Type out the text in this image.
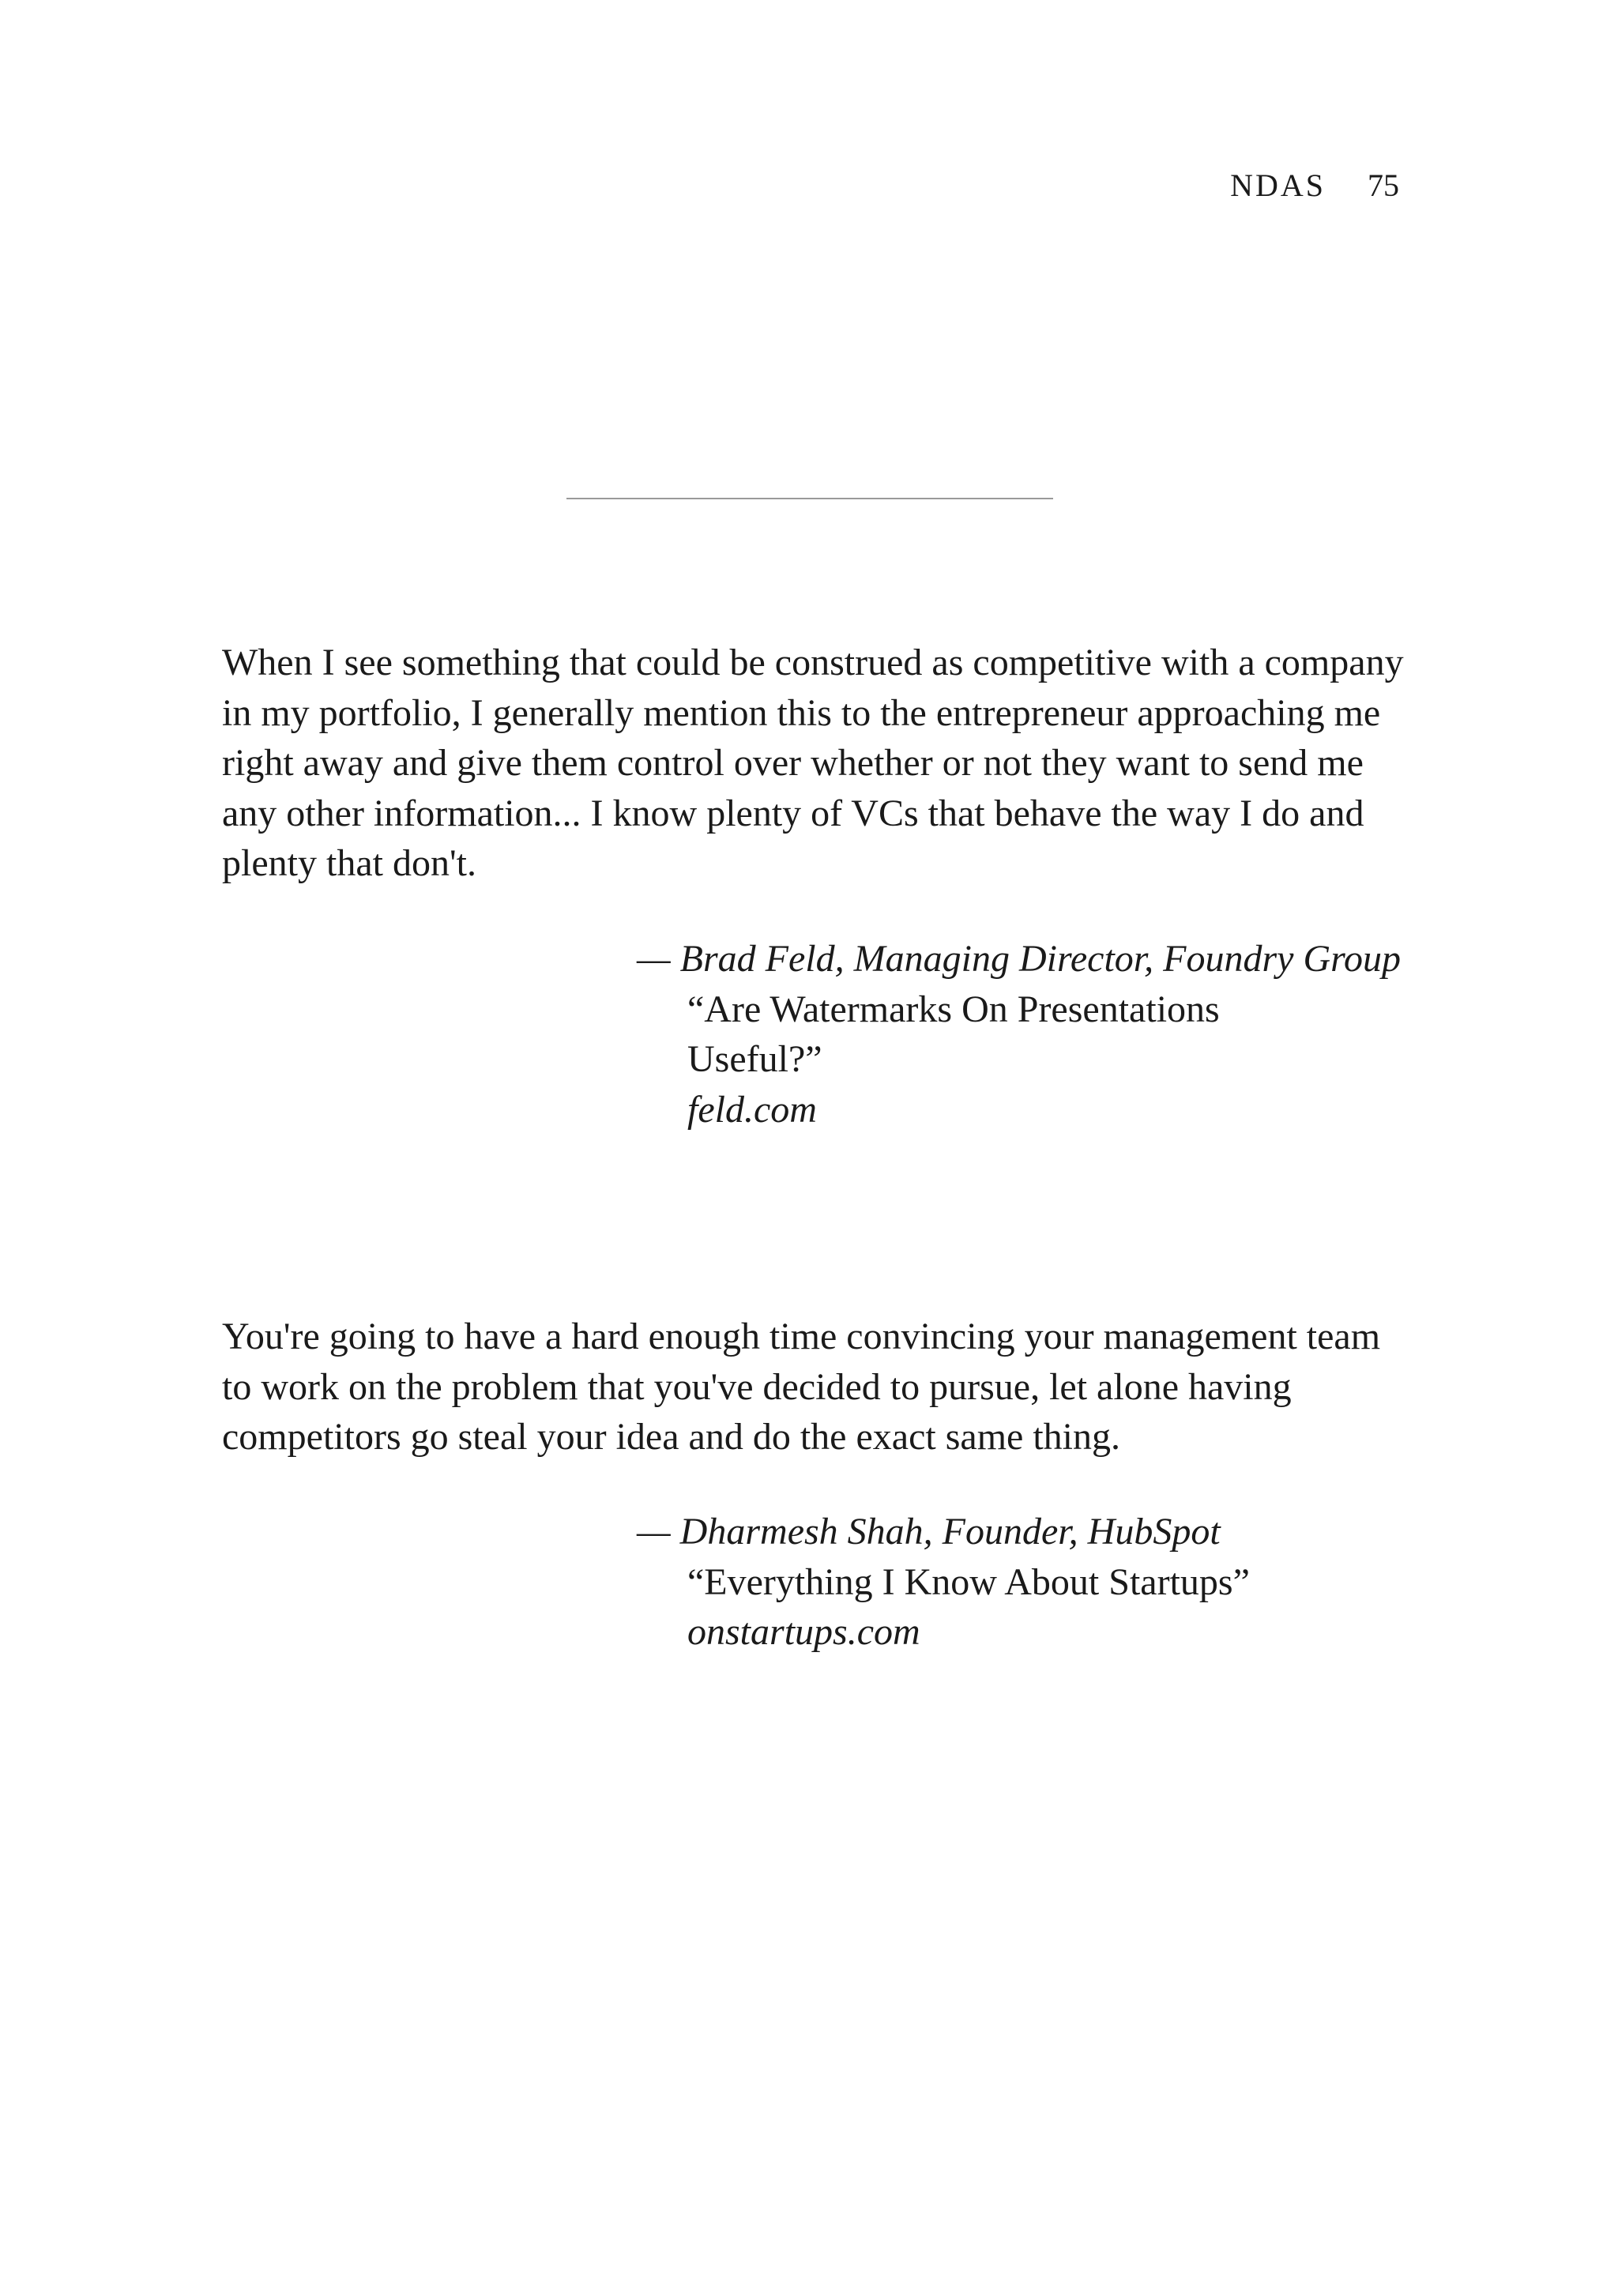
NDAS 75

When I see something that could be construed as competitive with a company in my portfolio, I generally mention this to the entrepreneur approaching me right away and give them control over whether or not they want to send me any other information... I know plenty of VCs that behave the way I do and plenty that don't.

— Brad Feld, Managing Director, Foundry Group
“Are Watermarks On Presentations Useful?”
feld.com

You're going to have a hard enough time convincing your management team to work on the problem that you've decided to pursue, let alone having competitors go steal your idea and do the exact same thing.

— Dharmesh Shah, Founder, HubSpot
“Everything I Know About Startups”
onstartups.com
